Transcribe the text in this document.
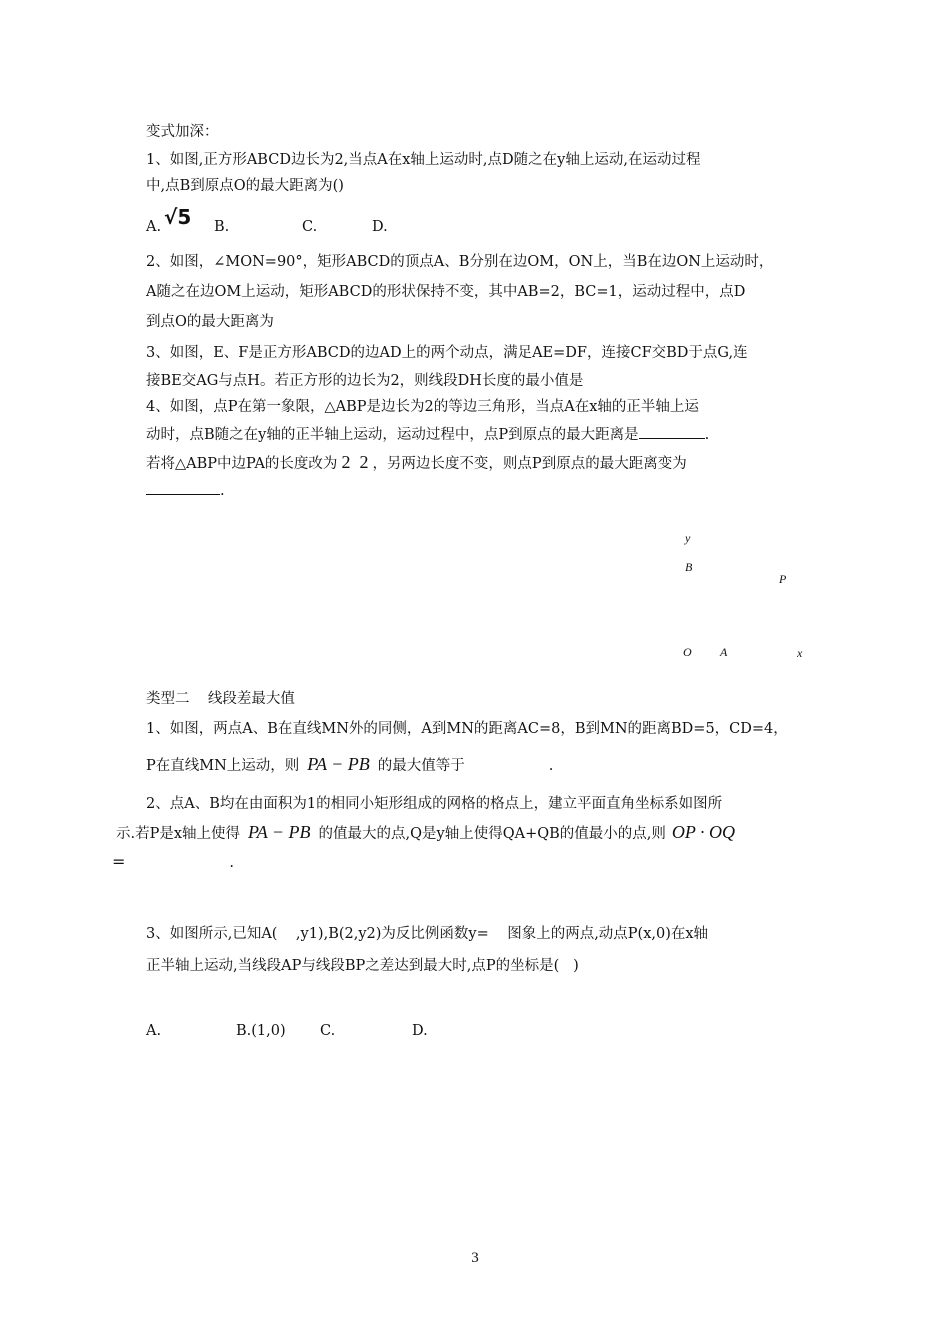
变式加深：
1、如图,正方形ABCD边长为2,当点A在x轴上运动时,点D随之在y轴上运动,在运动过程
中,点B到原点O的最大距离为()
A. √5 B.	C.	D.
2、如图，∠MON=90°，矩形ABCD的顶点A、B分别在边OM，ON上，当B在边ON上运动时，
A随之在边OM上运动，矩形ABCD的形状保持不变，其中AB=2，BC=1，运动过程中，点D
到点O的最大距离为
3、如图，E、F是正方形ABCD的边AD上的两个动点，满足AE=DF，连接CF交BD于点G,连
接BE交AG与点H。若正方形的边长为2，则线段DH长度的最小值是
4、如图，点P在第一象限，△ABP是边长为2的等边三角形，当点A在x轴的正半轴上运
动时，点B随之在y轴的正半轴上运动，运动过程中，点P到原点的最大距离是	.
若将△ABP中边PA的长度改为 2  2 ，另两边长度不变，则点P到原点的最大距离变为
.
y
B
P
O A	x
类型二    线段差最大值
1、如图，两点A、B在直线MN外的同侧，A到MN的距离AC=8，B到MN的距离BD=5，CD=4，
P在直线MN上运动，则 PA − PB 的最大值等于	.
2、点A、B均在由面积为1的相同小矩形组成的网格的格点上，建立平面直角坐标系如图所
示.若P是x轴上使得 PA − PB 的值最大的点,Q是y轴上使得QA+QB的值最小的点,则 OP · OQ
=	.
3、如图所示,已知A(    ,y1),B(2,y2)为反比例函数y=    图象上的两点,动点P(x,0)在x轴
正半轴上运动,当线段AP与线段BP之差达到最大时,点P的坐标是(   )
A.	B.(1,0) C.	D.
3
